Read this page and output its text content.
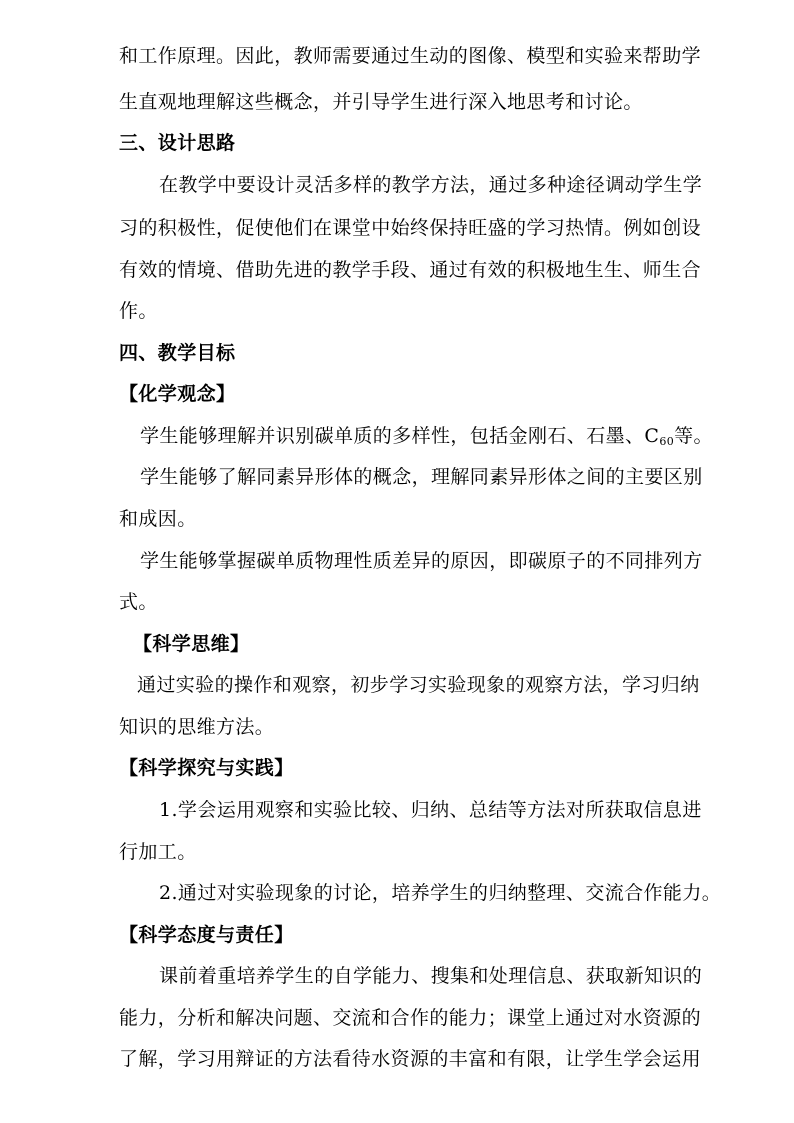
和工作原理。因此，教师需要通过生动的图像、模型和实验来帮助学
生直观地理解这些概念，并引导学生进行深入地思考和讨论。
三、设计思路
在教学中要设计灵活多样的教学方法，通过多种途径调动学生学
习的积极性，促使他们在课堂中始终保持旺盛的学习热情。例如创设
有效的情境、借助先进的教学手段、通过有效的积极地生生、师生合
作。
四、教学目标
【化学观念】
学生能够理解并识别碳单质的多样性，包括金刚石、石墨、$C_{60}$等。
学生能够了解同素异形体的概念，理解同素异形体之间的主要区别
和成因。
学生能够掌握碳单质物理性质差异的原因，即碳原子的不同排列方
式。
【科学思维】
通过实验的操作和观察，初步学习实验现象的观察方法，学习归纳
知识的思维方法。
【科学探究与实践】
1.学会运用观察和实验比较、归纳、总结等方法对所获取信息进
行加工。
2.通过对实验现象的讨论，培养学生的归纳整理、交流合作能力。
【科学态度与责任】
课前着重培养学生的自学能力、搜集和处理信息、获取新知识的
能力，分析和解决问题、交流和合作的能力；课堂上通过对水资源的
了解，学习用辩证的方法看待水资源的丰富和有限，让学生学会运用
